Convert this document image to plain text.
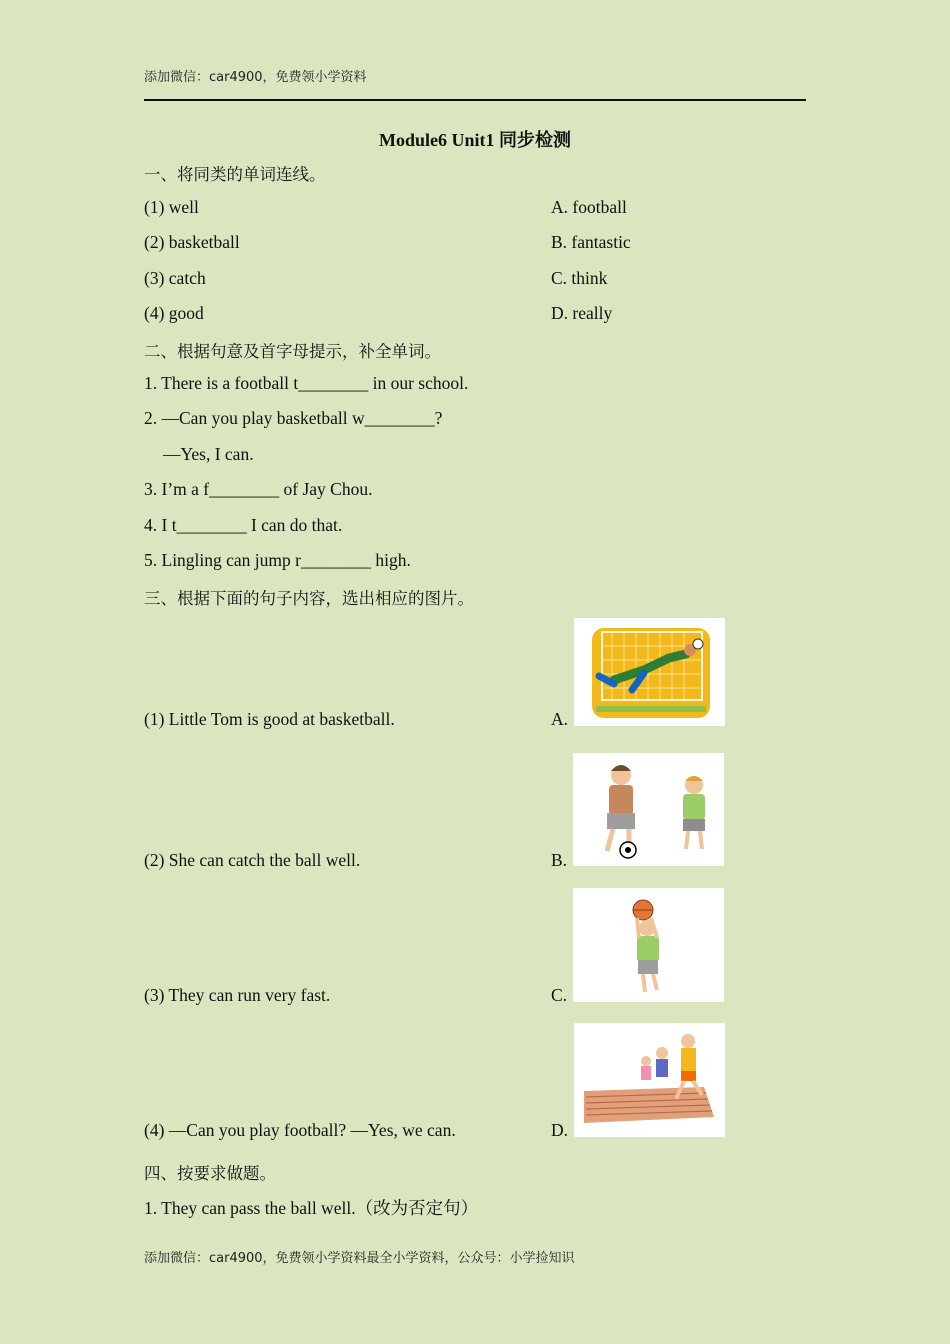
添加微信：car4900，免费领小学资料
Module6 Unit1 同步检测
一、将同类的单词连线。
(1) well	A. football
(2) basketball	B. fantastic
(3) catch	C. think
(4) good	D. really
二、根据句意及首字母提示，补全单词。
1. There is a football t________ in our school.
2. —Can you play basketball w________?
—Yes, I can.
3. I’m a f________ of Jay Chou.
4. I t________ I can do that.
5. Lingling can jump r________ high.
三、根据下面的句子内容，选出相应的图片。
(1) Little Tom is good at basketball.	A.
(2) She can catch the ball well.	B.
(3) They can run very fast.	C.
(4) —Can you play football? —Yes, we can.	D.
四、按要求做题。
1. They can pass the ball well.（改为否定句）
添加微信：car4900，免费领小学资料最全小学资料，公众号：小学捡知识
